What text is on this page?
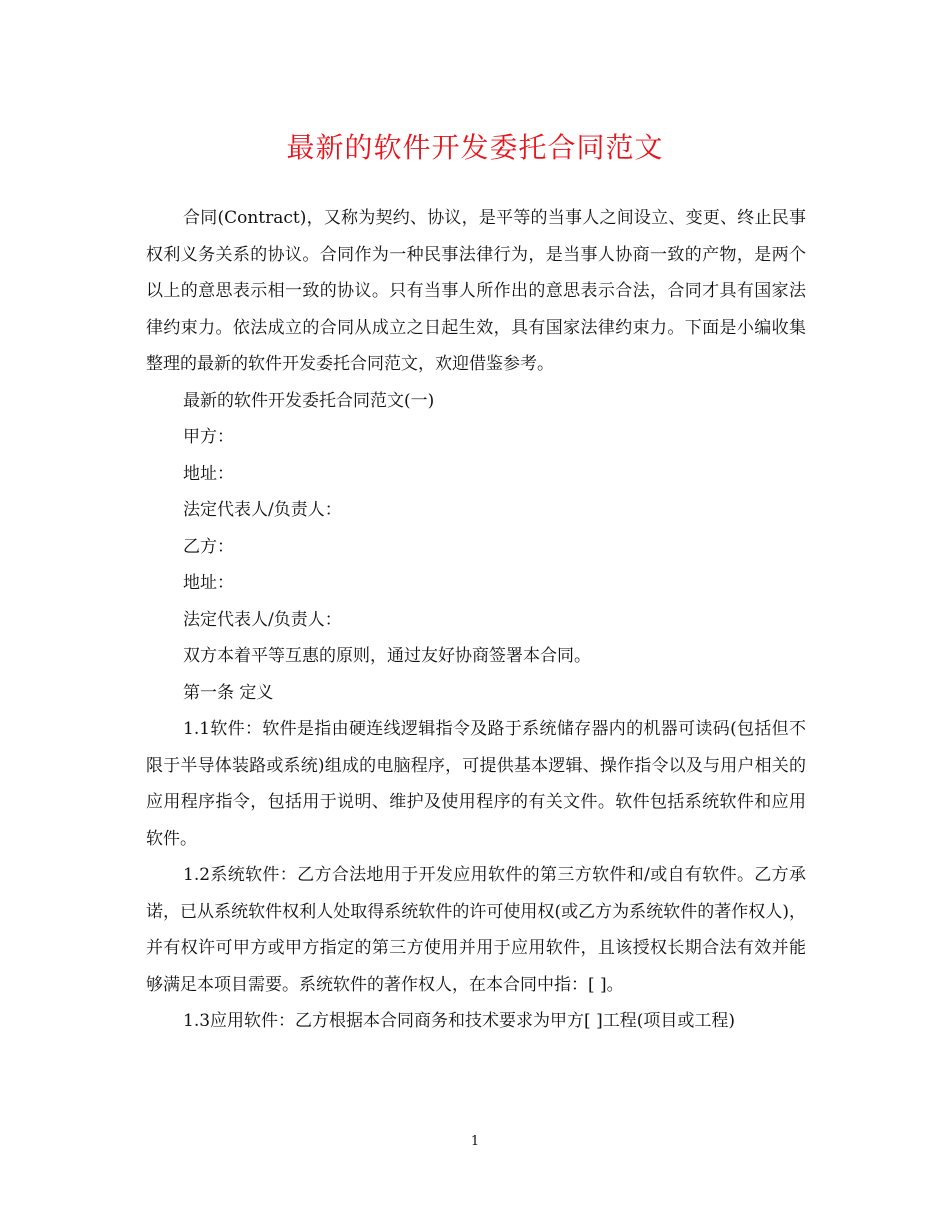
最新的软件开发委托合同范文

合同(Contract)，又称为契约、协议，是平等的当事人之间设立、变更、终止民事权利义务关系的协议。合同作为一种民事法律行为，是当事人协商一致的产物，是两个以上的意思表示相一致的协议。只有当事人所作出的意思表示合法，合同才具有国家法律约束力。依法成立的合同从成立之日起生效，具有国家法律约束力。下面是小编收集整理的最新的软件开发委托合同范文，欢迎借鉴参考。

最新的软件开发委托合同范文(一)

甲方：

地址：

法定代表人/负责人：

乙方：

地址：

法定代表人/负责人：

双方本着平等互惠的原则，通过友好协商签署本合同。

第一条 定义

1.1软件：软件是指由硬连线逻辑指令及路于系统储存器内的机器可读码(包括但不限于半导体装路或系统)组成的电脑程序，可提供基本逻辑、操作指令以及与用户相关的应用程序指令，包括用于说明、维护及使用程序的有关文件。软件包括系统软件和应用软件。

1.2系统软件：乙方合法地用于开发应用软件的第三方软件和/或自有软件。乙方承诺，已从系统软件权利人处取得系统软件的许可使用权(或乙方为系统软件的著作权人)，并有权许可甲方或甲方指定的第三方使用并用于应用软件，且该授权长期合法有效并能够满足本项目需要。系统软件的著作权人，在本合同中指：[ ]。

1.3应用软件：乙方根据本合同商务和技术要求为甲方[ ]工程(项目或工程)

1
